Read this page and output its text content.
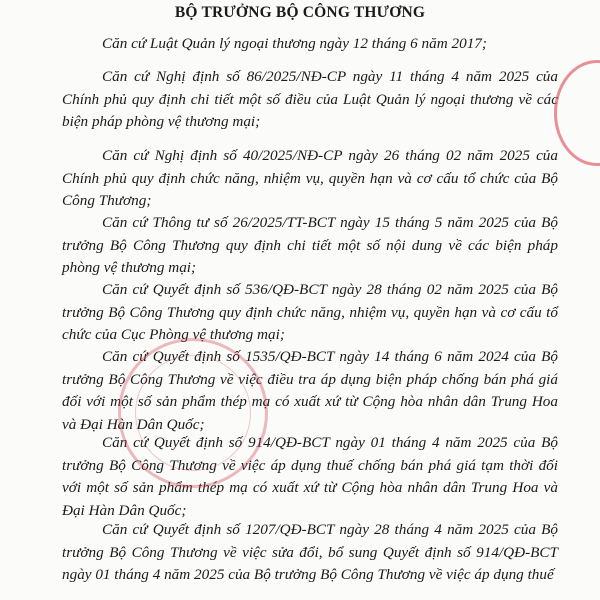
BỘ TRƯỞNG BỘ CÔNG THƯƠNG
Căn cứ Luật Quản lý ngoại thương ngày 12 tháng 6 năm 2017;
Căn cứ Nghị định số 86/2025/NĐ-CP ngày 11 tháng 4 năm 2025 của Chính phủ quy định chi tiết một số điều của Luật Quản lý ngoại thương về các biện pháp phòng vệ thương mại;
Căn cứ Nghị định số 40/2025/NĐ-CP ngày 26 tháng 02 năm 2025 của Chính phủ quy định chức năng, nhiệm vụ, quyền hạn và cơ cấu tổ chức của Bộ Công Thương;
Căn cứ Thông tư số 26/2025/TT-BCT ngày 15 tháng 5 năm 2025 của Bộ trưởng Bộ Công Thương quy định chi tiết một số nội dung về các biện pháp phòng vệ thương mại;
Căn cứ Quyết định số 536/QĐ-BCT ngày 28 tháng 02 năm 2025 của Bộ trưởng Bộ Công Thương quy định chức năng, nhiệm vụ, quyền hạn và cơ cấu tổ chức của Cục Phòng vệ thương mại;
Căn cứ Quyết định số 1535/QĐ-BCT ngày 14 tháng 6 năm 2024 của Bộ trưởng Bộ Công Thương về việc điều tra áp dụng biện pháp chống bán phá giá đối với một số sản phẩm thép mạ có xuất xứ từ Cộng hòa nhân dân Trung Hoa và Đại Hàn Dân Quốc;
Căn cứ Quyết định số 914/QĐ-BCT ngày 01 tháng 4 năm 2025 của Bộ trưởng Bộ Công Thương về việc áp dụng thuế chống bán phá giá tạm thời đối với một số sản phẩm thép mạ có xuất xứ từ Cộng hòa nhân dân Trung Hoa và Đại Hàn Dân Quốc;
Căn cứ Quyết định số 1207/QĐ-BCT ngày 28 tháng 4 năm 2025 của Bộ trưởng Bộ Công Thương về việc sửa đổi, bổ sung Quyết định số 914/QĐ-BCT ngày 01 tháng 4 năm 2025 của Bộ trưởng Bộ Công Thương về việc áp dụng thuế
